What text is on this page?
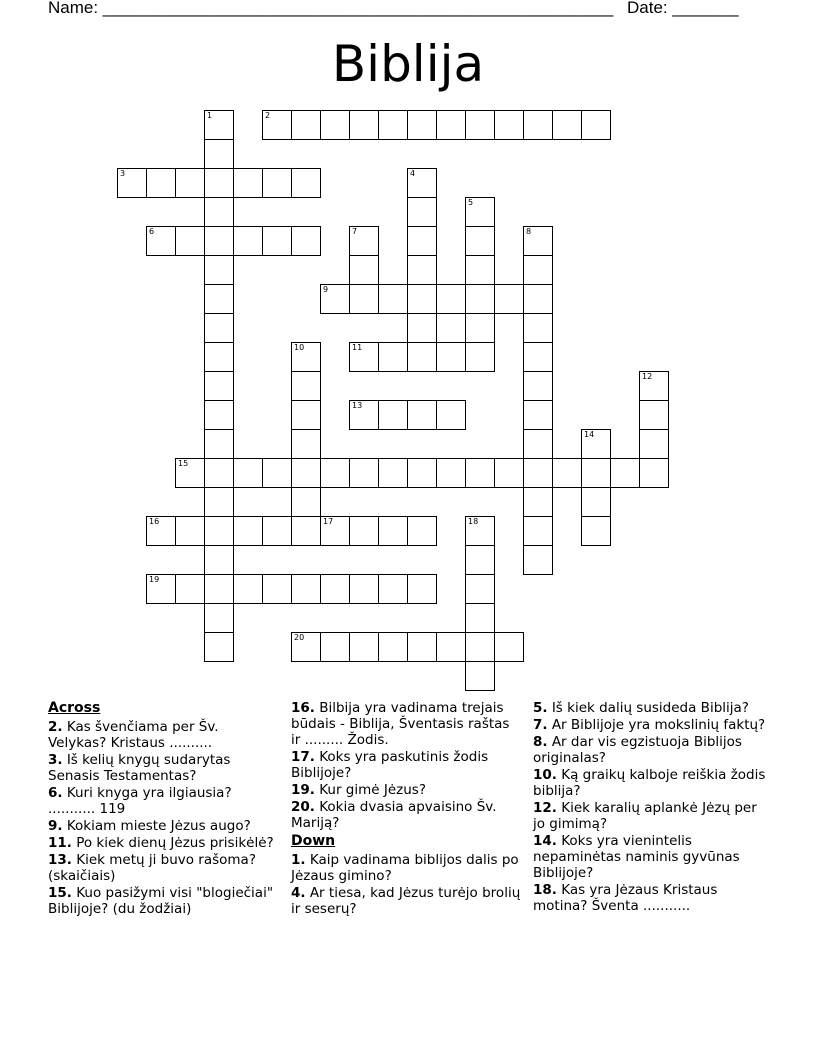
Name: ______________________________________________________ Date: _______
Biblija
1	2
3	4
5
6	7	8
9
10	11
12
13
14
15
16	17	18
19
20
Across
2. Kas švenčiama per Šv. Velykas? Kristaus ..........
3. Iš kelių knygų sudarytas Senasis Testamentas?
6. Kuri knyga yra ilgiausia? ........... 119
9. Kokiam mieste Jėzus augo?
11. Po kiek dienų Jėzus prisikėlė?
13. Kiek metų ji buvo rašoma? (skaičiais)
15. Kuo pasižymi visi "blogiečiai" Biblijoje? (du žodžiai)
16. Bilbija yra vadinama trejais būdais - Biblija, Šventasis raštas ir ......... Žodis.
17. Koks yra paskutinis žodis Biblijoje?
19. Kur gimė Jėzus?
20. Kokia dvasia apvaisino Šv. Mariją?
Down
1. Kaip vadinama biblijos dalis po Jėzaus gimino?
4. Ar tiesa, kad Jėzus turėjo brolių ir seserų?
5. Iš kiek dalių susideda Biblija?
7. Ar Biblijoje yra mokslinių faktų?
8. Ar dar vis egzistuoja Biblijos originalas?
10. Ką graikų kalboje reiškia žodis biblija?
12. Kiek karalių aplankė Jėzų per jo gimimą?
14. Koks yra vienintelis nepaminėtas naminis gyvūnas Biblijoje?
18. Kas yra Jėzaus Kristaus motina? Šventa ...........
